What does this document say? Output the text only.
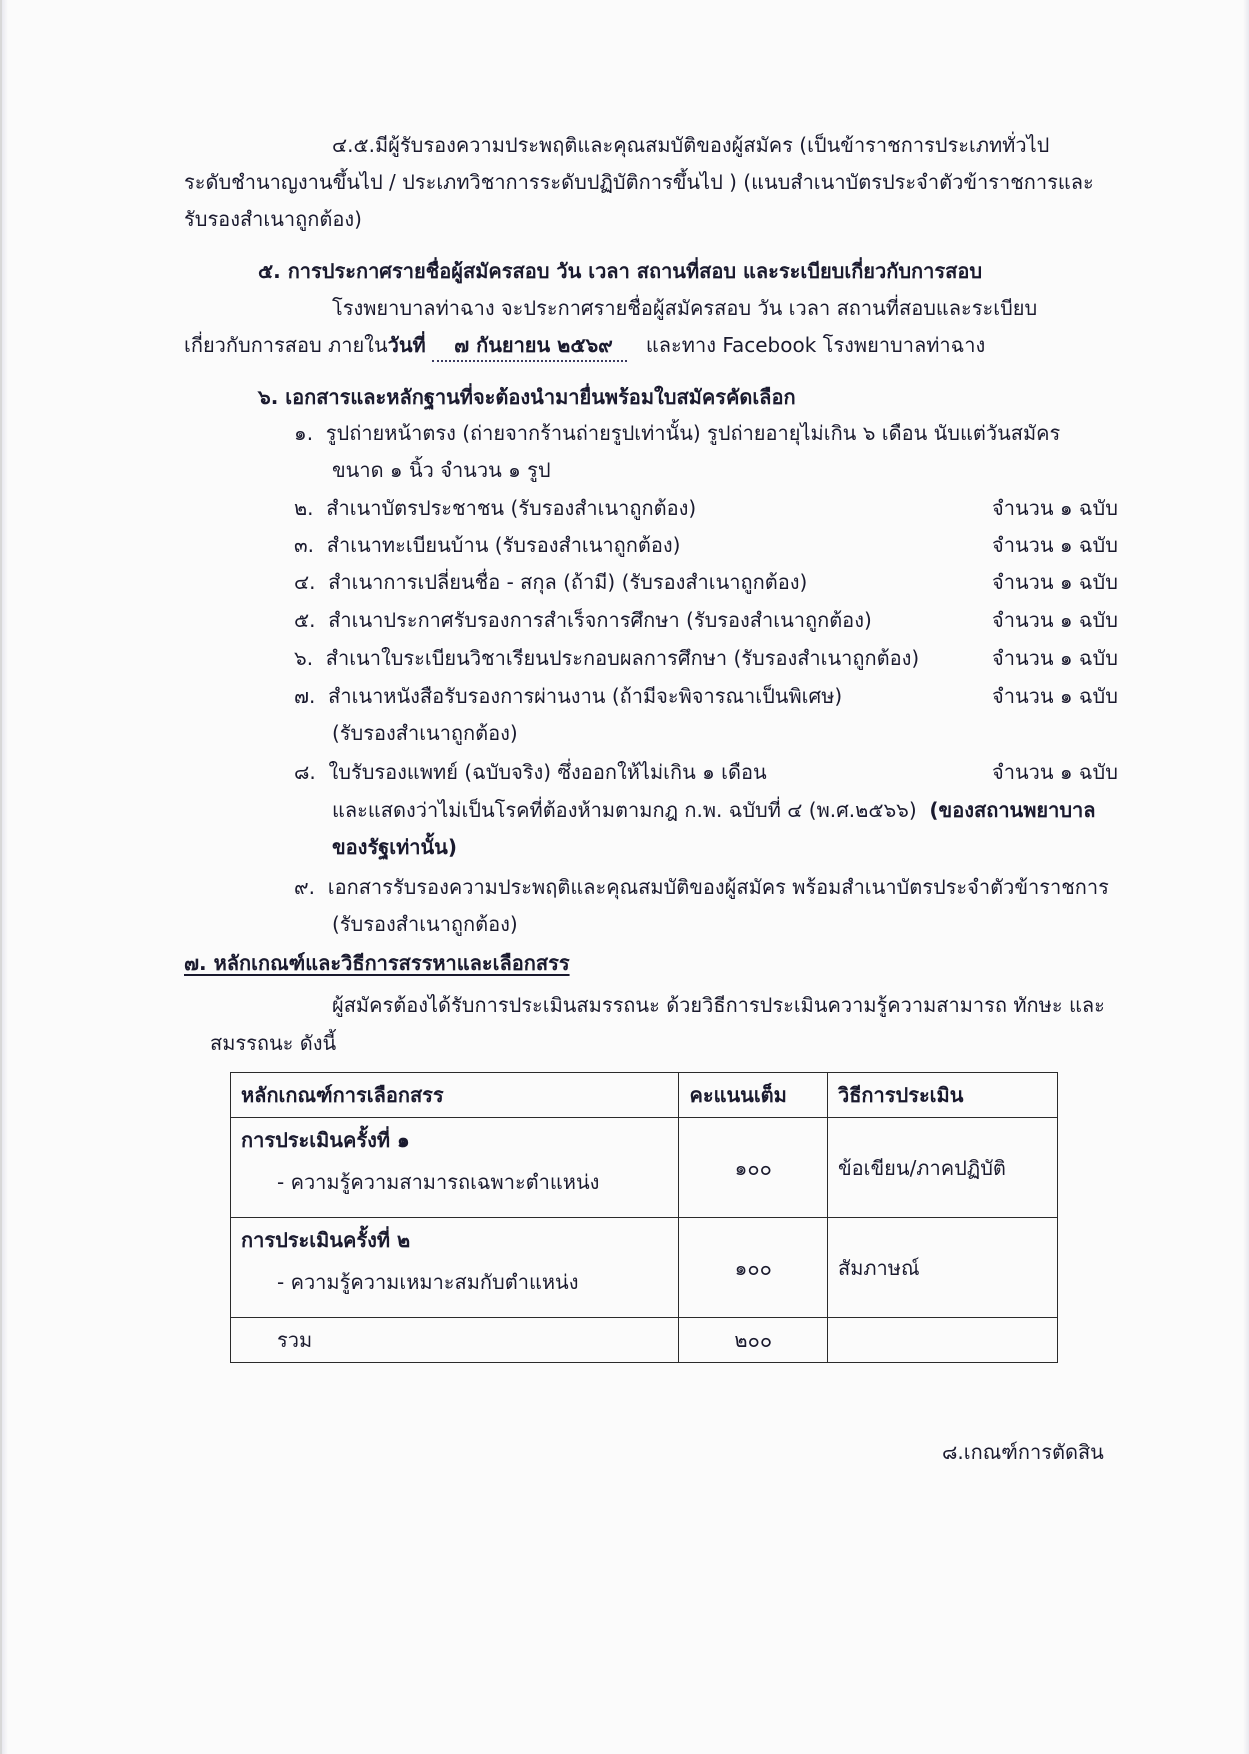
๔.๕.มีผู้รับรองความประพฤติและคุณสมบัติของผู้สมัคร (เป็นข้าราชการประเภททั่วไป
ระดับชำนาญงานขึ้นไป / ประเภทวิชาการระดับปฏิบัติการขึ้นไป ) (แนบสำเนาบัตรประจำตัวข้าราชการและ
รับรองสำเนาถูกต้อง)
๕. การประกาศรายชื่อผู้สมัครสอบ วัน เวลา สถานที่สอบ และระเบียบเกี่ยวกับการสอบ
โรงพยาบาลท่าฉาง จะประกาศรายชื่อผู้สมัครสอบ วัน เวลา สถานที่สอบและระเบียบ
เกี่ยวกับการสอบ ภายในวันที่ ๗ กันยายน ๒๕๖๙ และทาง Facebook โรงพยาบาลท่าฉาง
๖. เอกสารและหลักฐานที่จะต้องนำมายื่นพร้อมใบสมัครคัดเลือก
๑. รูปถ่ายหน้าตรง (ถ่ายจากร้านถ่ายรูปเท่านั้น) รูปถ่ายอายุไม่เกิน ๖ เดือน นับแต่วันสมัคร
ขนาด ๑ นิ้ว จำนวน ๑ รูป
๒. สำเนาบัตรประชาชน (รับรองสำเนาถูกต้อง)	จำนวน ๑ ฉบับ
๓. สำเนาทะเบียนบ้าน (รับรองสำเนาถูกต้อง)	จำนวน ๑ ฉบับ
๔. สำเนาการเปลี่ยนชื่อ - สกุล (ถ้ามี) (รับรองสำเนาถูกต้อง)	จำนวน ๑ ฉบับ
๕. สำเนาประกาศรับรองการสำเร็จการศึกษา (รับรองสำเนาถูกต้อง)	จำนวน ๑ ฉบับ
๖. สำเนาใบระเบียนวิชาเรียนประกอบผลการศึกษา (รับรองสำเนาถูกต้อง)	จำนวน ๑ ฉบับ
๗. สำเนาหนังสือรับรองการผ่านงาน (ถ้ามีจะพิจารณาเป็นพิเศษ)	จำนวน ๑ ฉบับ
(รับรองสำเนาถูกต้อง)
๘. ใบรับรองแพทย์ (ฉบับจริง) ซึ่งออกให้ไม่เกิน ๑ เดือน	จำนวน ๑ ฉบับ
และแสดงว่าไม่เป็นโรคที่ต้องห้ามตามกฎ ก.พ. ฉบับที่ ๔ (พ.ศ.๒๕๖๖) (ของสถานพยาบาล
ของรัฐเท่านั้น)
๙. เอกสารรับรองความประพฤติและคุณสมบัติของผู้สมัคร พร้อมสำเนาบัตรประจำตัวข้าราชการ
(รับรองสำเนาถูกต้อง)
๗. หลักเกณฑ์และวิธีการสรรหาและเลือกสรร
ผู้สมัครต้องได้รับการประเมินสมรรถนะ ด้วยวิธีการประเมินความรู้ความสามารถ ทักษะ และ
สมรรถนะ ดังนี้
หลักเกณฑ์การเลือกสรร	คะแนนเต็ม	วิธีการประเมิน
การประเมินครั้งที่ ๑
- ความรู้ความสามารถเฉพาะตำแหน่ง	๑๐๐	ข้อเขียน/ภาคปฏิบัติ
การประเมินครั้งที่ ๒
- ความรู้ความเหมาะสมกับตำแหน่ง	๑๐๐	สัมภาษณ์
รวม	๒๐๐	
๘.เกณฑ์การตัดสิน
